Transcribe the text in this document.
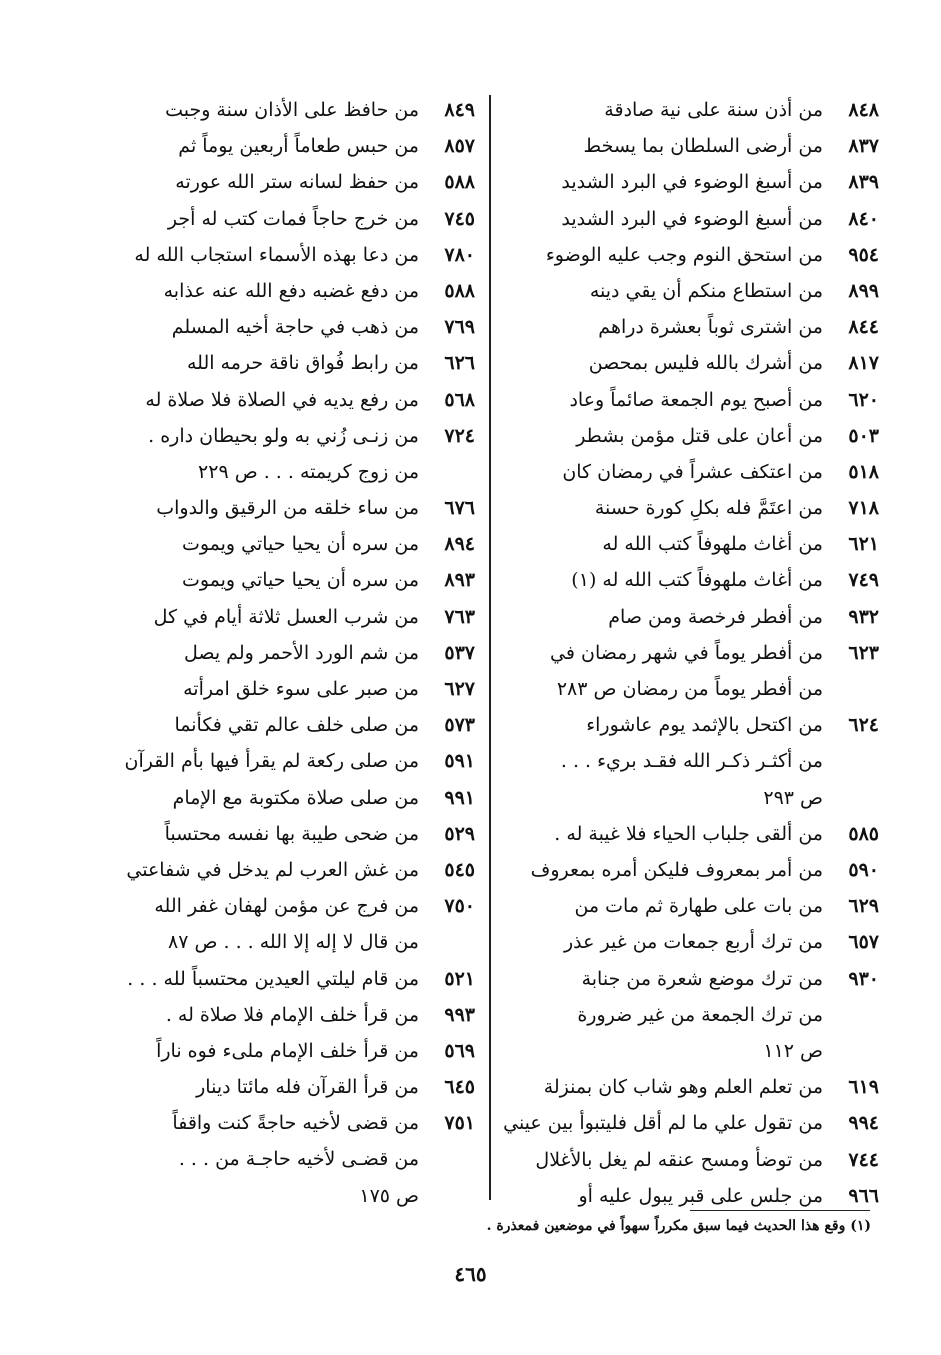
٨٤٨
من أذن سنة على نية صادقة
٨٣٧
من أرضى السلطان بما يسخط
٨٣٩
من أسبغ الوضوء في البرد الشديد
٨٤٠
من أسبغ الوضوء في البرد الشديد
٩٥٤
من استحق النوم وجب عليه الوضوء
٨٩٩
من استطاع منكم أن يقي دينه
٨٤٤
من اشترى ثوباً بعشرة دراهم
٨١٧
من أشرك بالله فليس بمحصن
٦٢٠
من أصبح يوم الجمعة صائماً وعاد
٥٠٣
من أعان على قتل مؤمن بشطر
٥١٨
من اعتكف عشراً في رمضان كان
٧١٨
من اعتَمَّ فله بكلِ كورة حسنة
٦٢١
من أغاث ملهوفاً كتب الله له
٧٤٩
من أغاث ملهوفاً كتب الله له (١)
٩٣٢
من أفطر فرخصة ومن صام
٦٢٣
من أفطر يوماً في شهر رمضان في
من أفطر يوماً من رمضان ص ٢٨٣
٦٢٤
من اكتحل بالإثمد يوم عاشوراء
من أكثـر ذكـر الله فقـد بريء . . .
ص ٢٩٣
٥٨٥
من ألقى جلباب الحياء فلا غيبة له .
٥٩٠
من أمر بمعروف فليكن أمره بمعروف
٦٢٩
من بات على طهارة ثم مات من
٦٥٧
من ترك أربع جمعات من غير عذر
٩٣٠
من ترك موضع شعرة من جنابة
من ترك الجمعة من غير ضرورة
ص ١١٢
٦١٩
من تعلم العلم وهو شاب كان بمنزلة
٩٩٤
من تقول علي ما لم أقل فليتبوأ بين عيني
٧٤٤
من توضأ ومسح عنقه لم يغل بالأغلال
٩٦٦
من جلس على قبر يبول عليه أو
٨٤٩
من حافظ على الأذان سنة وجبت
٨٥٧
من حبس طعاماً أربعين يوماً ثم
٥٨٨
من حفظ لسانه ستر الله عورته
٧٤٥
من خرج حاجاً فمات كتب له أجر
٧٨٠
من دعا بهذه الأسماء استجاب الله له
٥٨٨
من دفع غضبه دفع الله عنه عذابه
٧٦٩
من ذهب في حاجة أخيه المسلم
٦٢٦
من رابط فُواق ناقة حرمه الله
٥٦٨
من رفع يديه في الصلاة فلا صلاة له
٧٢٤
من زنـى زُني به ولو بحيطان داره .
من زوج كريمته . . . ص ٢٢٩
٦٧٦
من ساء خلقه من الرقيق والدواب
٨٩٤
من سره أن يحيا حياتي ويموت
٨٩٣
من سره أن يحيا حياتي ويموت
٧٦٣
من شرب العسل ثلاثة أيام في كل
٥٣٧
من شم الورد الأحمر ولم يصل
٦٢٧
من صبر على سوء خلق امرأته
٥٧٣
من صلى خلف عالم تقي فكأنما
٥٩١
من صلى ركعة لم يقرأ فيها بأم القرآن
٩٩١
من صلى صلاة مكتوبة مع الإمام
٥٢٩
من ضحى طيبة بها نفسه محتسباً
٥٤٥
من غش العرب لم يدخل في شفاعتي
٧٥٠
من فرج عن مؤمن لهفان غفر الله
من قال لا إله إلا الله . . . ص ٨٧
٥٢١
من قام ليلتي العيدين محتسباً لله . . .
٩٩٣
من قرأ خلف الإمام فلا صلاة له .
٥٦٩
من قرأ خلف الإمام ملىء فوه ناراً
٦٤٥
من قرأ القرآن فله مائتا دينار
٧٥١
من قضى لأخيه حاجةً كنت واقفاً
من قضـى لأخيه حاجـة من . . .
ص ١٧٥
(١) وقع هذا الحديث فيما سبق مكرراً سهواً في موضعين فمعذرة .
٤٦٥
